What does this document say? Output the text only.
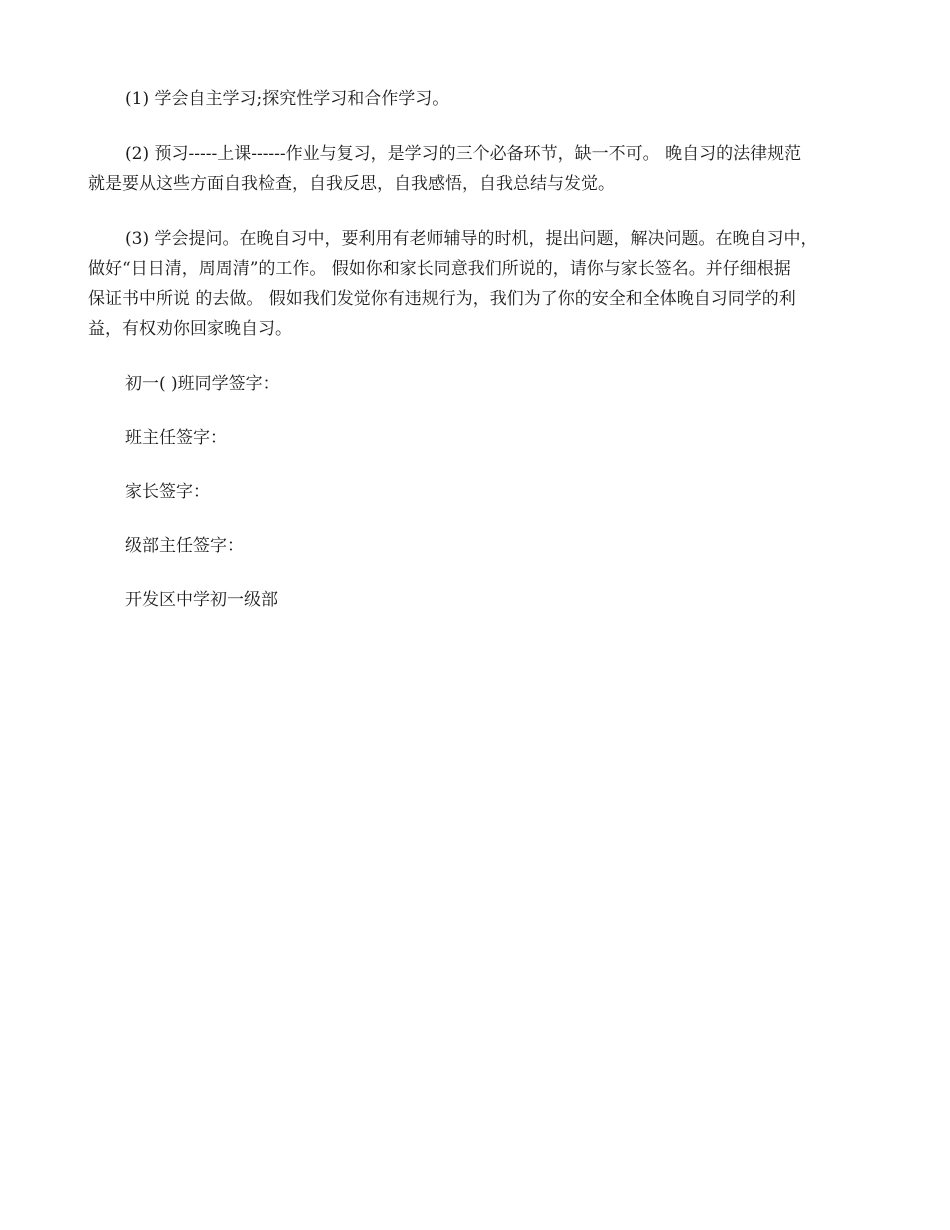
(1) 学会自主学习;探究性学习和合作学习。

(2) 预习-----上课------作业与复习，是学习的三个必备环节，缺一不可。 晚自习的法律规范
就是要从这些方面自我检查，自我反思，自我感悟，自我总结与发觉。

(3) 学会提问。在晚自习中，要利用有老师辅导的时机，提出问题，解决问题。在晚自习中，
做好“日日清，周周清”的工作。 假如你和家长同意我们所说的，请你与家长签名。并仔细根据
保证书中所说 的去做。 假如我们发觉你有违规行为，我们为了你的安全和全体晚自习同学的利
益，有权劝你回家晚自习。

初一( )班同学签字：

班主任签字：

家长签字：

级部主任签字：

开发区中学初一级部
